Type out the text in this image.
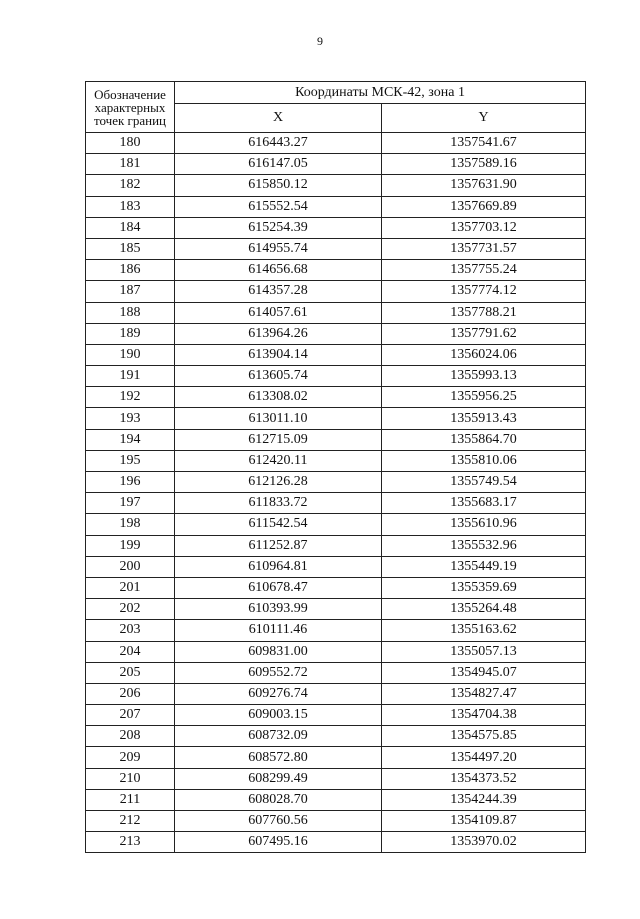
9
Обозначение характерных точек границ	Координаты МСК-42, зона 1	
	X	Y
180	616443.27	1357541.67
181	616147.05	1357589.16
182	615850.12	1357631.90
183	615552.54	1357669.89
184	615254.39	1357703.12
185	614955.74	1357731.57
186	614656.68	1357755.24
187	614357.28	1357774.12
188	614057.61	1357788.21
189	613964.26	1357791.62
190	613904.14	1356024.06
191	613605.74	1355993.13
192	613308.02	1355956.25
193	613011.10	1355913.43
194	612715.09	1355864.70
195	612420.11	1355810.06
196	612126.28	1355749.54
197	611833.72	1355683.17
198	611542.54	1355610.96
199	611252.87	1355532.96
200	610964.81	1355449.19
201	610678.47	1355359.69
202	610393.99	1355264.48
203	610111.46	1355163.62
204	609831.00	1355057.13
205	609552.72	1354945.07
206	609276.74	1354827.47
207	609003.15	1354704.38
208	608732.09	1354575.85
209	608572.80	1354497.20
210	608299.49	1354373.52
211	608028.70	1354244.39
212	607760.56	1354109.87
213	607495.16	1353970.02
